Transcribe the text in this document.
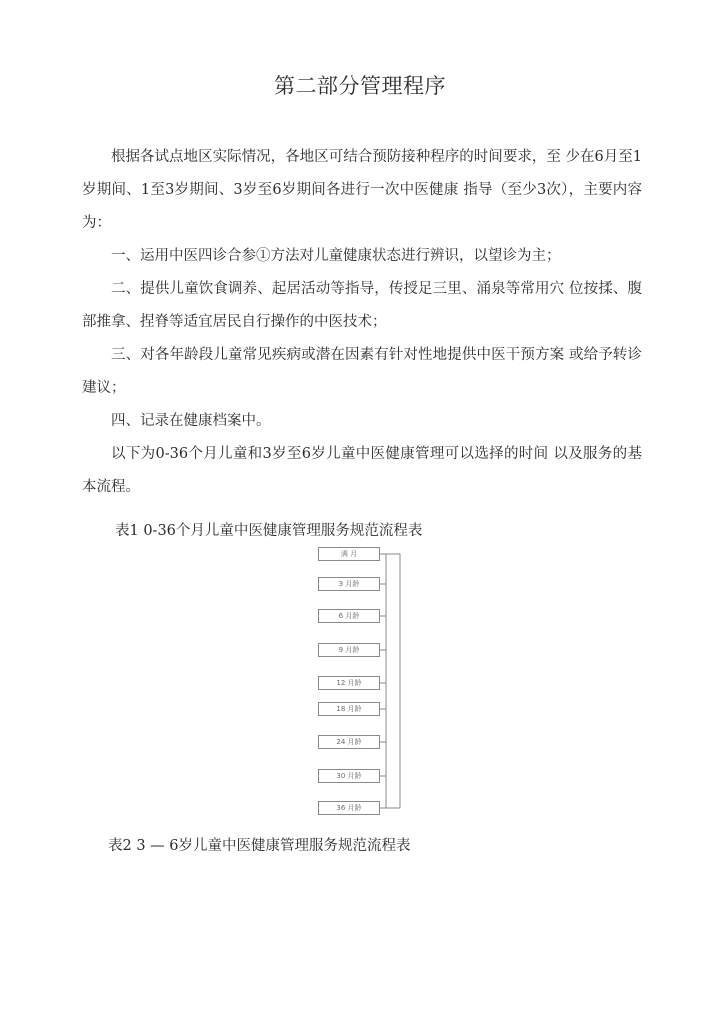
第二部分管理程序

根据各试点地区实际情况，各地区可结合预防接种程序的时间要求，至 少在6月至1岁期间、1至3岁期间、3岁至6岁期间各进行一次中医健康 指导（至少3次），主要内容为：

一、运用中医四诊合参①方法对儿童健康状态进行辨识，以望诊为主；

二、提供儿童饮食调养、起居活动等指导，传授足三里、涌泉等常用穴 位按揉、腹部推拿、捏脊等适宜居民自行操作的中医技术；

三、对各年龄段儿童常见疾病或潜在因素有针对性地提供中医干预方案 或给予转诊建议；

四、记录在健康档案中。

以下为0-36个月儿童和3岁至6岁儿童中医健康管理可以选择的时间 以及服务的基本流程。

表1 0-36个月儿童中医健康管理服务规范流程表
满 月
3 月龄
6 月龄
9 月龄
12 月龄
18 月龄
24 月龄
30 月龄
36 月龄
表2 3 — 6岁儿童中医健康管理服务规范流程表
